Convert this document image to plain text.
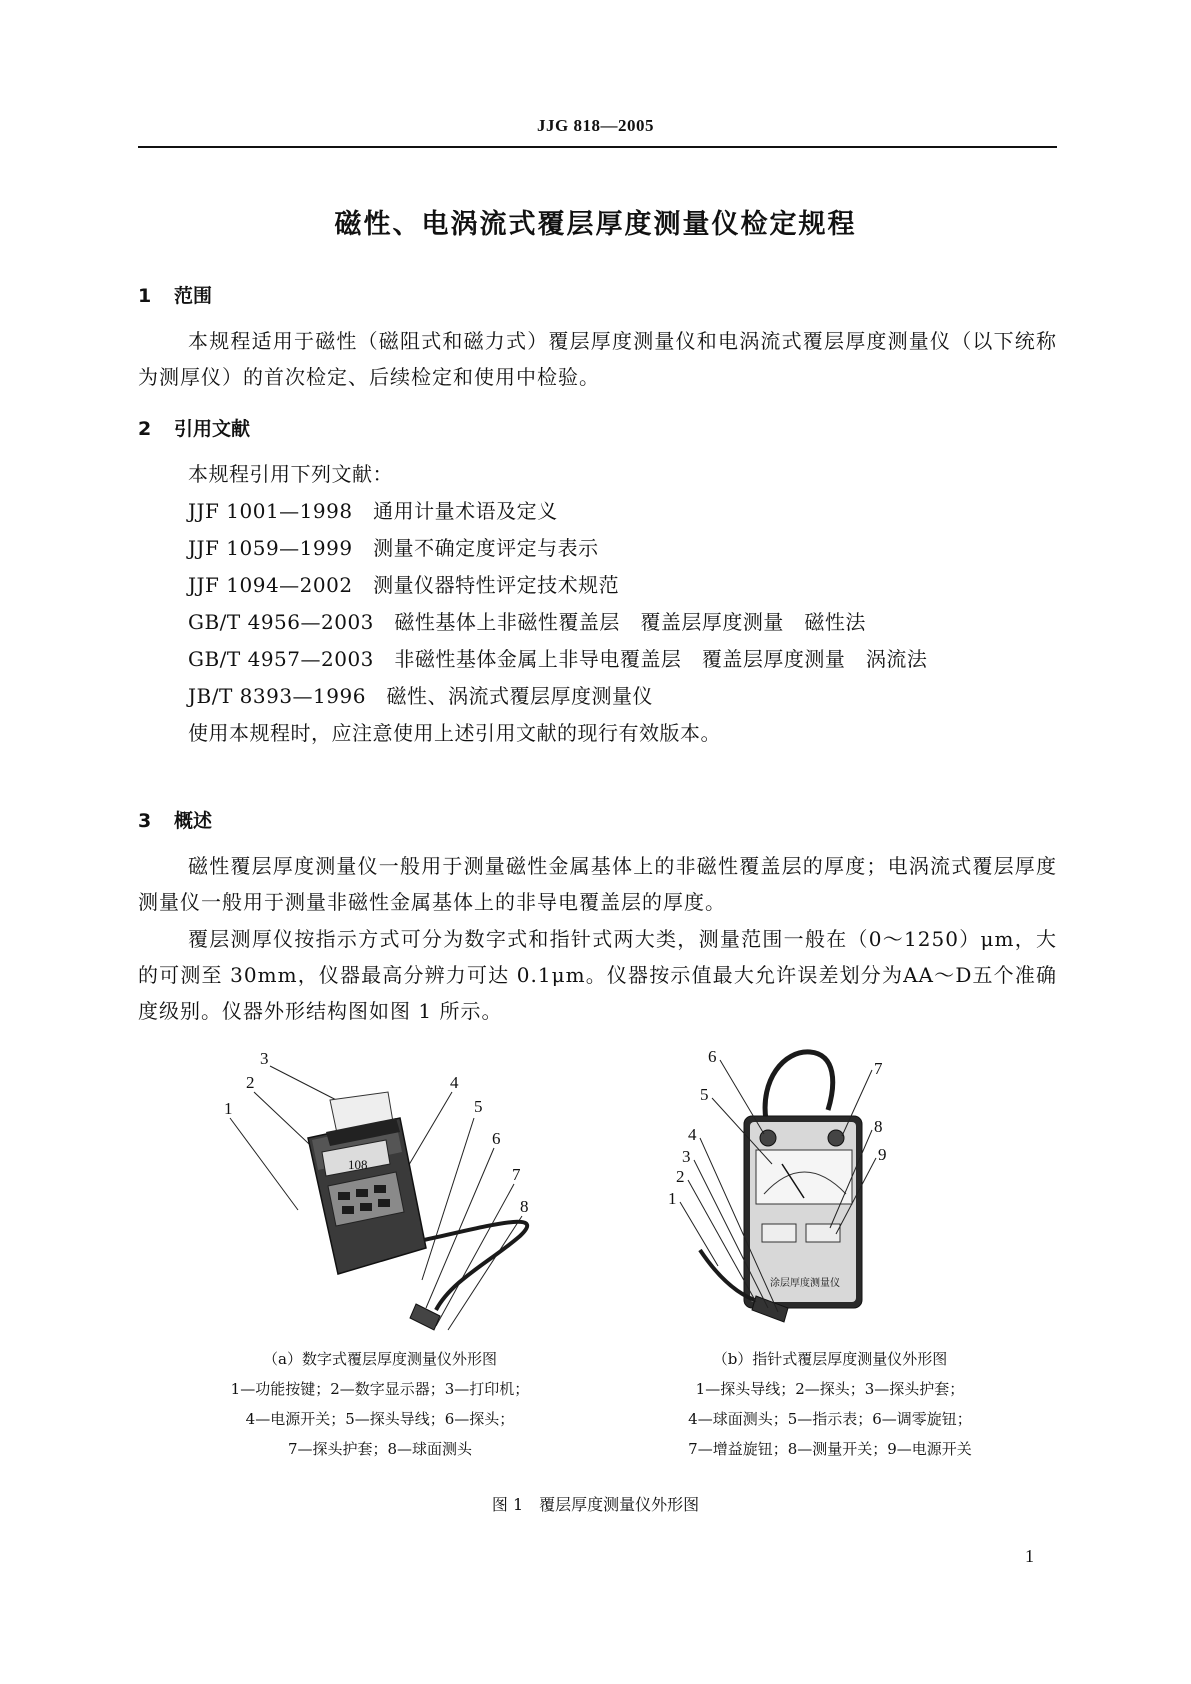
JJG 818—2005
磁性、电涡流式覆层厚度测量仪检定规程
1 范围
本规程适用于磁性（磁阻式和磁力式）覆层厚度测量仪和电涡流式覆层厚度测量仪（以下统称为测厚仪）的首次检定、后续检定和使用中检验。
2 引用文献
本规程引用下列文献：
JJF 1001—1998　通用计量术语及定义
JJF 1059—1999　测量不确定度评定与表示
JJF 1094—2002　测量仪器特性评定技术规范
GB/T 4956—2003　磁性基体上非磁性覆盖层　覆盖层厚度测量　磁性法
GB/T 4957—2003　非磁性基体金属上非导电覆盖层　覆盖层厚度测量　涡流法
JB/T 8393—1996　磁性、涡流式覆层厚度测量仪
使用本规程时，应注意使用上述引用文献的现行有效版本。
3 概述
磁性覆层厚度测量仪一般用于测量磁性金属基体上的非磁性覆盖层的厚度；电涡流式覆层厚度测量仪一般用于测量非磁性金属基体上的非导电覆盖层的厚度。
覆层测厚仪按指示方式可分为数字式和指针式两大类，测量范围一般在（0～1250）μm，大的可测至 30mm，仪器最高分辨力可达 0.1μm。仪器按示值最大允许误差划分为AA～D五个准确度级别。仪器外形结构图如图 1 所示。
3
2
1
4
5
6
7
8
108
涂层厚度测量仪
6
7
5
8
4
9
3
2
1
（a）数字式覆层厚度测量仪外形图
1—功能按键；2—数字显示器；3—打印机；
4—电源开关；5—探头导线；6—探头；
7—探头护套；8—球面测头
（b）指针式覆层厚度测量仪外形图
1—探头导线；2—探头；3—探头护套；
4—球面测头；5—指示表；6—调零旋钮；
7—增益旋钮；8—测量开关；9—电源开关
图 1　覆层厚度测量仪外形图
1
